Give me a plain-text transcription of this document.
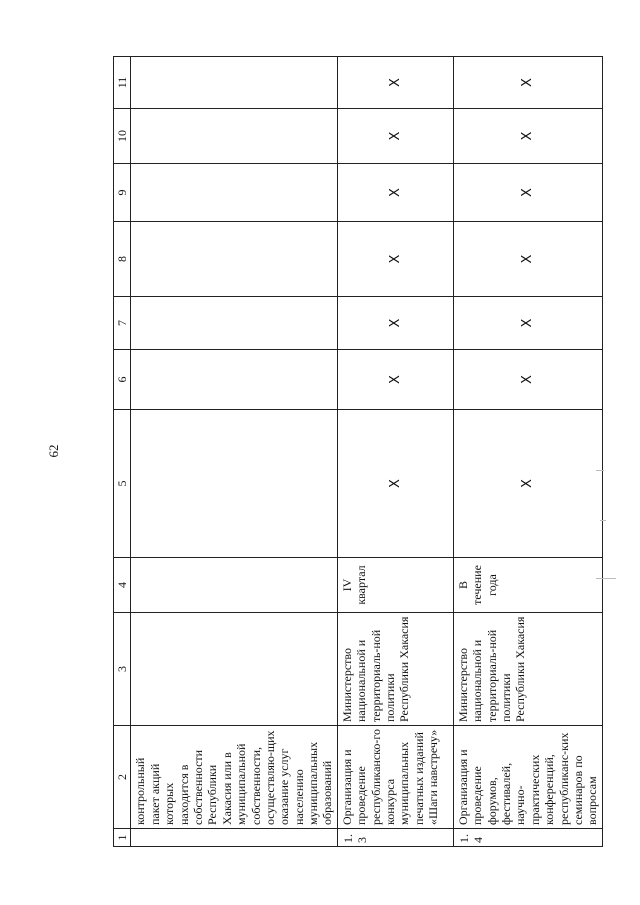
62
1	2	3	4	5	6	7	8	9	10	11
	контрольный пакет акций которых находится в собственности Республики Хакасия или в муниципальной собственности, осуществляю-щих оказание услуг населению муниципальных образований									
1.3	Организация и проведение республиканско-го конкурса муниципальных печатных изданий «Шаги навстречу»	Министерство национальной и территориаль-ной политики Республики Хакасия	IV квартал	X	X	X	X	X	X	X
1.4	Организация и проведение форумов, фестивалей, научно-практических конференций, республиканс-ких семинаров по вопросам	Министерство национальной и территориаль-ной политики Республики Хакасия	В течение года	X	X	X	X	X	X	X
